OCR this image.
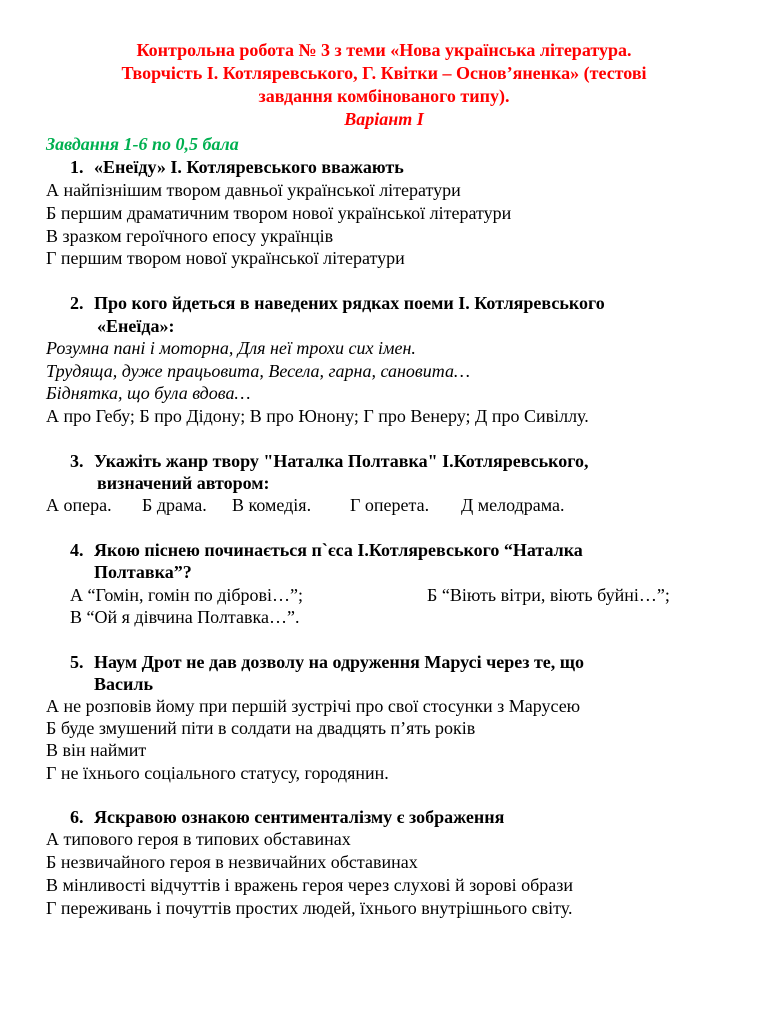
Контрольна робота № 3 з теми «Нова українська література.
Творчість І. Котляревського, Г. Квітки – Основ’яненка» (тестові
завдання комбінованого типу).
Варіант І
Завдання 1-6 по 0,5 бала
1. «Енеїду» І. Котляревського вважають
А найпізнішим твором давньої української літератури
Б першим драматичним твором нової української літератури
В зразком героїчного епосу українців
Г першим твором нової української літератури
2. Про кого йдеться в наведених рядках поеми І. Котляревського
«Енеїда»:
Розумна пані і моторна, Для неї трохи сих імен.
Трудяща, дуже працьовита, Весела, гарна, сановита…
Біднятка, що була вдова…
А про Гебу; Б про Дідону; В про Юнону; Г про Венеру; Д про Сивіллу.
3. Укажіть жанр твору "Наталка Полтавка" І.Котляревського,
визначений автором:
А опера. Б драма. В комедія. Г оперета. Д мелодрама.
4. Якою піснею починається п`єса І.Котляревського “Наталка
Полтавка”?
А “Гомін, гомін по діброві…”;	Б “Віють вітри, віють буйні…”;
В “Ой я дівчина Полтавка…”.
5. Наум Дрот не дав дозволу на одруження Марусі через те, що
Василь
А не розповів йому при першій зустрічі про свої стосунки з Марусею
Б буде змушений піти в солдати на двадцять п’ять років
В він наймит
Г не їхнього соціального статусу, городянин.
6. Яскравою ознакою сентименталізму є зображення
А типового героя в типових обставинах
Б незвичайного героя в незвичайних обставинах
В мінливості відчуттів і вражень героя через слухові й зорові образи
Г переживань і почуттів простих людей, їхнього внутрішнього світу.
